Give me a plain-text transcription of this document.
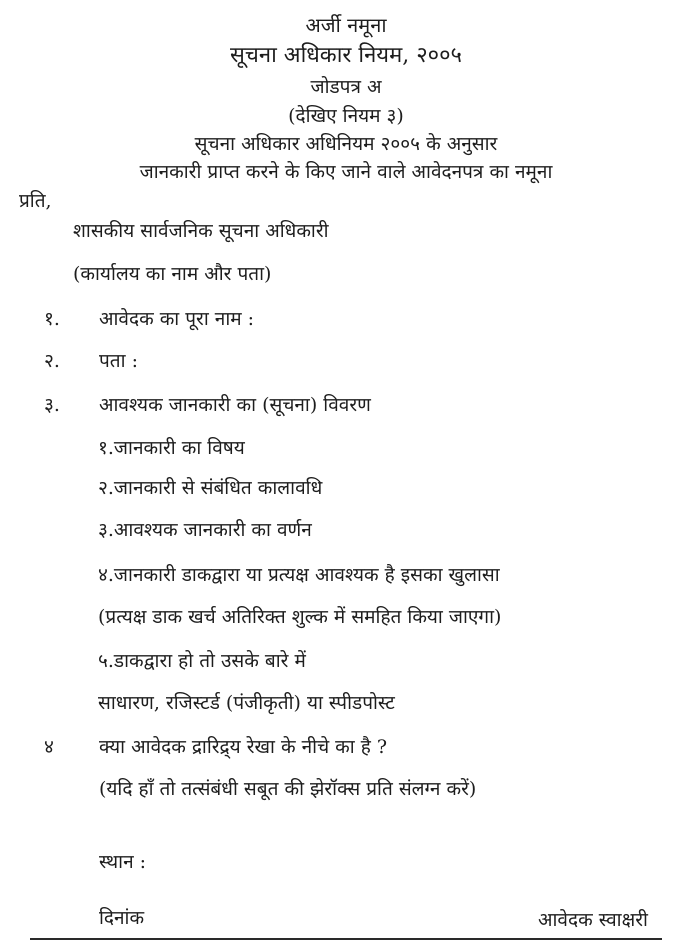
अर्जी नमूना
सूचना अधिकार नियम, २००५
जोडपत्र अ
(देखिए नियम ३)
सूचना अधिकार अधिनियम २००५ के अनुसार
जानकारी प्राप्त करने के किए जाने वाले आवेदनपत्र का नमूना
प्रति,
शासकीय सार्वजनिक सूचना अधिकारी
(कार्यालय का नाम और पता)
१. आवेदक का पूरा नाम :
२. पता :
३. आवश्यक जानकारी का (सूचना) विवरण
१.जानकारी का विषय
२.जानकारी से संबंधित कालावधि
३.आवश्यक जानकारी का वर्णन
४.जानकारी डाकद्वारा या प्रत्यक्ष आवश्यक है इसका खुलासा
(प्रत्यक्ष डाक खर्च अतिरिक्त शुल्क में समहित किया जाएगा)
५.डाकद्वारा हो तो उसके बारे में
साधारण, रजिस्टर्ड (पंजीकृती) या स्पीडपोस्ट
४ क्या आवेदक द्रारिद्र्य रेखा के नीचे का है ?
(यदि हाँ तो तत्संबंधी सबूत की झेरॉक्स प्रति संलग्न करें)
स्थान :
दिनांक	आवेदक स्वाक्षरी
